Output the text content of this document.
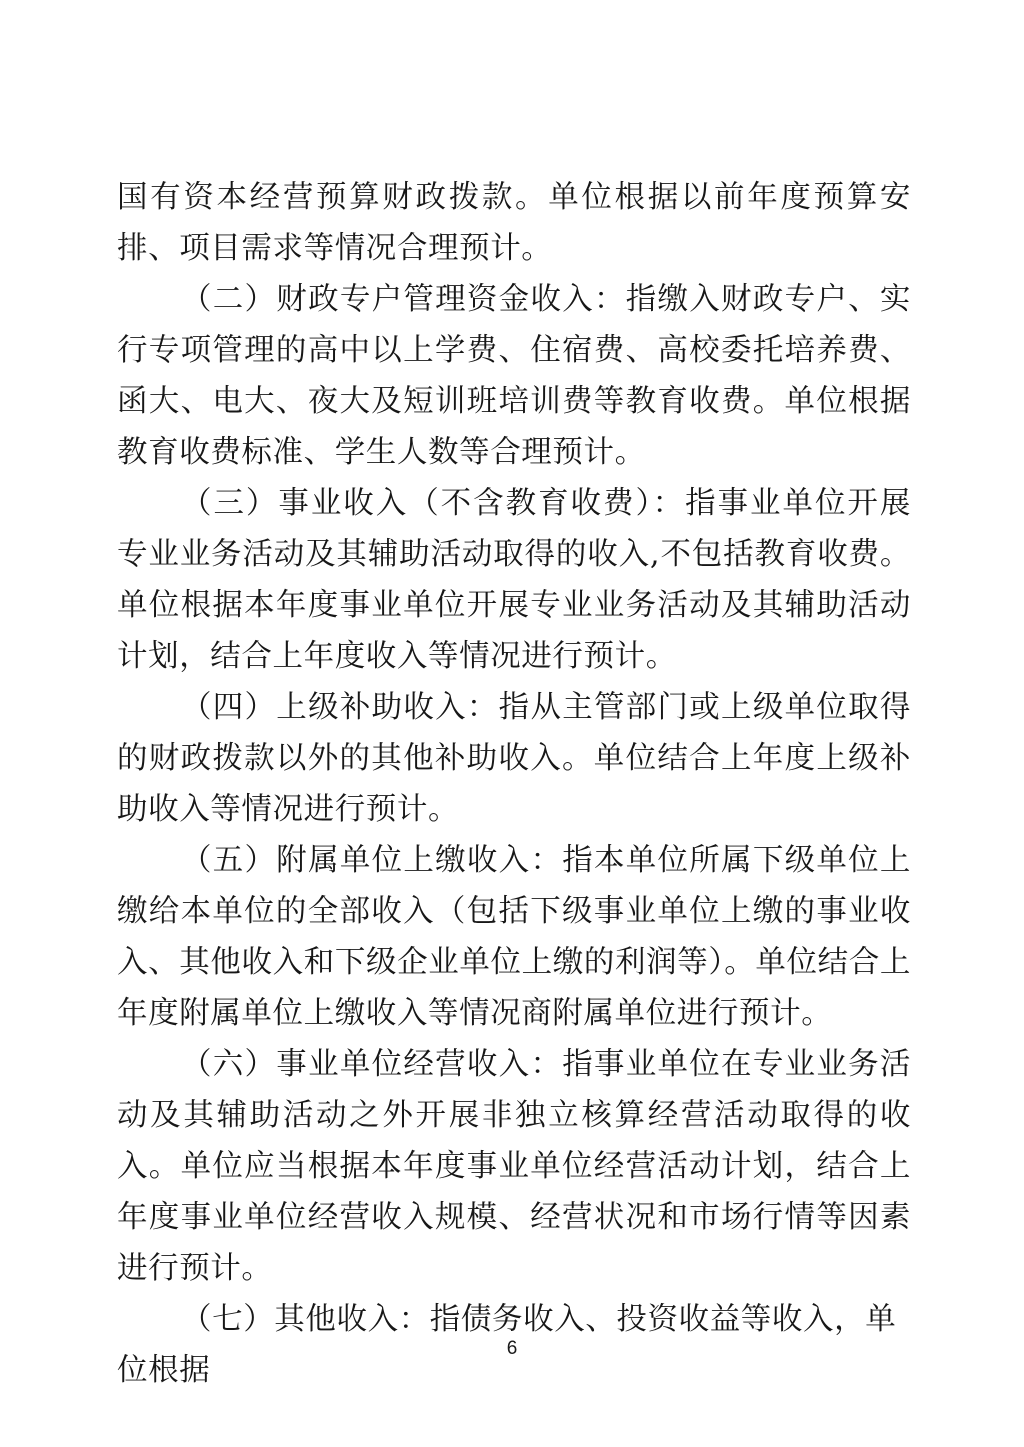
国有资本经营预算财政拨款。单位根据以前年度预算安排、项目需求等情况合理预计。

（二）财政专户管理资金收入：指缴入财政专户、实行专项管理的高中以上学费、住宿费、高校委托培养费、函大、电大、夜大及短训班培训费等教育收费。单位根据教育收费标准、学生人数等合理预计。

（三）事业收入（不含教育收费）：指事业单位开展专业业务活动及其辅助活动取得的收入,不包括教育收费。单位根据本年度事业单位开展专业业务活动及其辅助活动计划，结合上年度收入等情况进行预计。

（四）上级补助收入：指从主管部门或上级单位取得的财政拨款以外的其他补助收入。单位结合上年度上级补助收入等情况进行预计。

（五）附属单位上缴收入：指本单位所属下级单位上缴给本单位的全部收入（包括下级事业单位上缴的事业收入、其他收入和下级企业单位上缴的利润等）。单位结合上年度附属单位上缴收入等情况商附属单位进行预计。

（六）事业单位经营收入：指事业单位在专业业务活动及其辅助活动之外开展非独立核算经营活动取得的收入。单位应当根据本年度事业单位经营活动计划，结合上年度事业单位经营收入规模、经营状况和市场行情等因素进行预计。

（七）其他收入：指债务收入、投资收益等收入，单位根据

6
